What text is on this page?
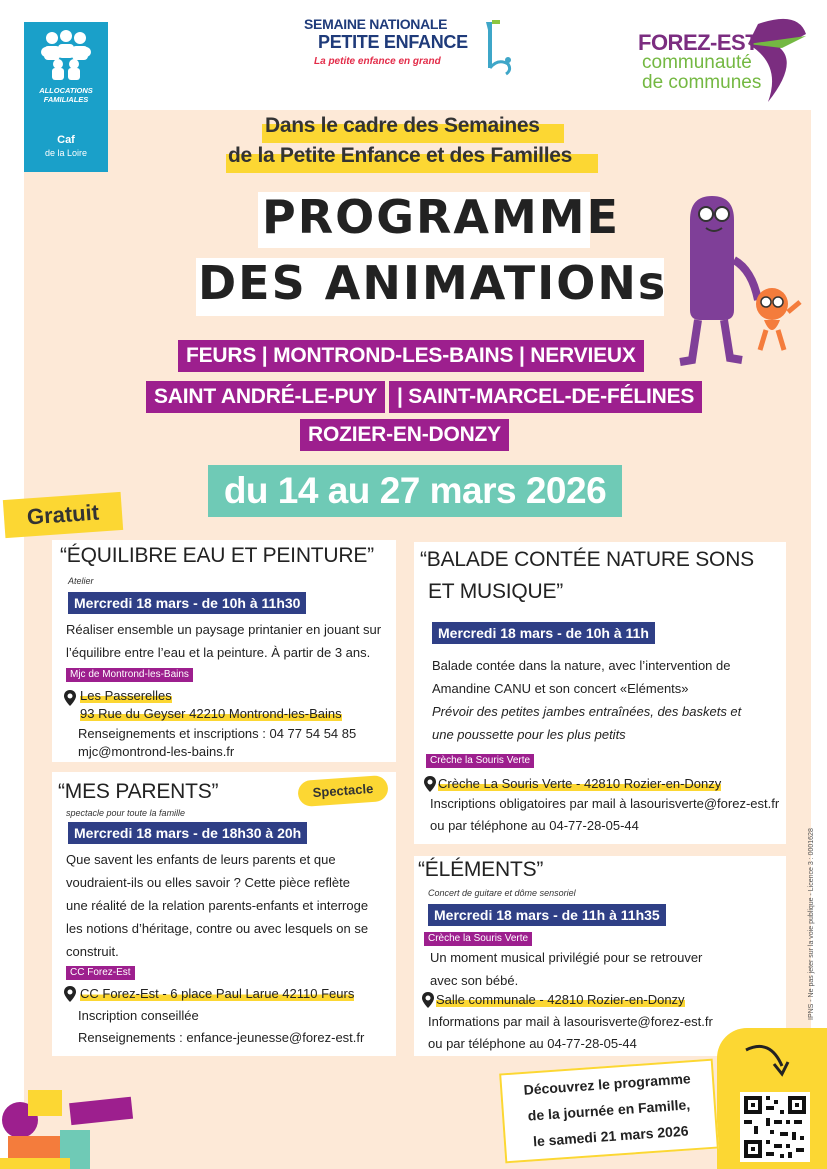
ALLOCATIONS
FAMILIALES
Caf
de la Loire
SEMAINE NATIONALE
PETITE ENFANCE
La petite enfance en grand
FOREZ-EST
communauté
de communes
Dans le cadre des Semaines
de la Petite Enfance et des Familles
PROGRAMME
DES ANIMATIONs
FEURS | MONTROND-LES-BAINS | NERVIEUX
SAINT ANDRÉ-LE-PUY | SAINT-MARCEL-DE-FÉLINES
ROZIER-EN-DONZY
du 14 au 27 mars 2026
Gratuit
“ÉQUILIBRE EAU ET PEINTURE”
Atelier
Mercredi 18 mars - de 10h à 11h30
Réaliser ensemble un paysage printanier en jouant sur
l’équilibre entre l’eau et la peinture. À partir de 3 ans.
Mjc de Montrond-les-Bains
Les Passerelles
93 Rue du Geyser 42210 Montrond-les-Bains
Renseignements et inscriptions : 04 77 54 54 85
mjc@montrond-les-bains.fr
“MES PARENTS”
spectacle pour toute la famille
Mercredi 18 mars - de 18h30 à 20h
Que savent les enfants de leurs parents et que
voudraient-ils ou elles savoir ? Cette pièce reflète
une réalité de la relation parents-enfants et interroge
les notions d’héritage, contre ou avec lesquels on se
construit.
CC Forez-Est
CC Forez-Est - 6 place Paul Larue 42110 Feurs
Inscription conseillée
Renseignements : enfance-jeunesse@forez-est.fr
Spectacle
“BALADE CONTÉE NATURE SONS
ET MUSIQUE”
Mercredi 18 mars - de 10h à 11h
Balade contée dans la nature, avec l’intervention de
Amandine CANU et son concert «Eléments»
Prévoir des petites jambes entraînées, des baskets et
une poussette pour les plus petits
Crèche la Souris Verte
Crèche La Souris Verte - 42810 Rozier-en-Donzy
Inscriptions obligatoires par mail à lasourisverte@forez-est.fr
ou par téléphone au 04-77-28-05-44
“ÉLÉMENTS”
Concert de guitare et dôme sensoriel
Mercredi 18 mars - de 11h à 11h35
Crèche la Souris Verte
Un moment musical privilégié pour se retrouver
avec son bébé.
Salle communale - 42810 Rozier-en-Donzy
Informations par mail à lasourisverte@forez-est.fr
ou par téléphone au 04-77-28-05-44
Découvrez le programme
de la journée en Famille,
le samedi 21 mars 2026
IPNS - Ne pas jeter sur la voie publique - Licence 3 : 0001628
